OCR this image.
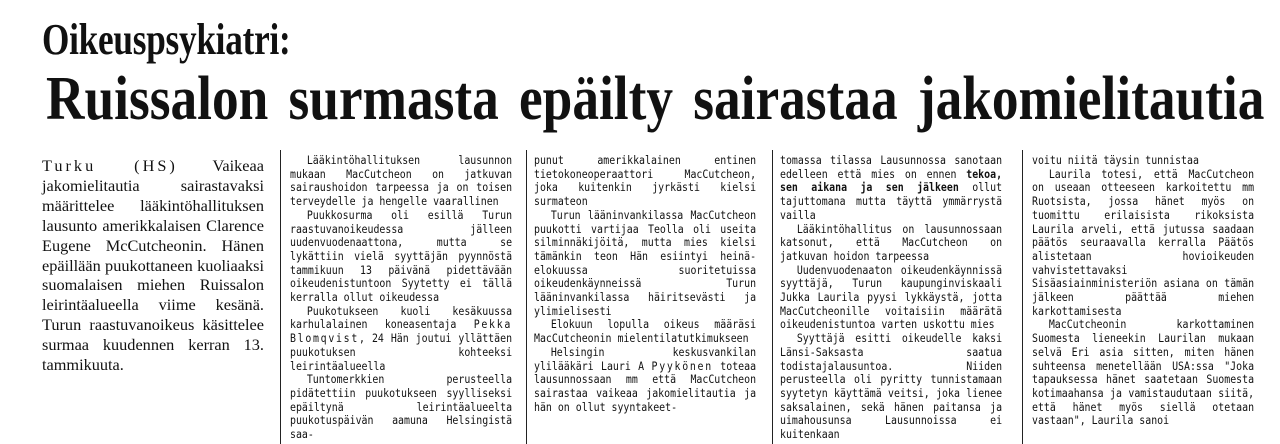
Oikeuspsykiatri:
Ruissalon surmasta epäilty sairastaa jakomielitautia

Turku (HS) Vaikeaa jakomielitautia sairastavaksi määrittelee lääkintöhallituksen lausunto amerikkalaisen Clarence Eugene McCutcheonin. Hänen epäillään puukottaneen kuoliaaksi suomalaisen miehen Ruissalon leirintäalueella viime kesänä. Turun raastuvanoikeus käsittelee surmaa kuudennen kerran 13. tammikuuta.

Lääkintöhallituksen lausunnon mukaan MacCutcheon on jatkuvan sairaushoidon tarpeessa ja on toisen terveydelle ja hengelle vaarallinen

Puukkosurma oli esillä Turun raastuvanoikeudessa jälleen uudenvuodenaattona, mutta se lykättiin vielä syyttäjän pyynnöstä tammikuun 13 päivänä pidettävään oikeudenistuntoon Syytetty ei tällä kerralla ollut oikeudessa

Puukotukseen kuoli kesäkuussa karhulalainen koneasentaja Pekka Blomqvist, 24 Hän joutui yllättäen puukotuksen kohteeksi leirintäalueella

Tuntomerkkien perusteella pidätettiin puukotukseen syylliseksi epäiltynä leirintäalueelta puukotuspäivän aamuna Helsingistä saa-

punut amerikkalainen entinen tietokoneoperaattori MacCutcheon, joka kuitenkin jyrkästi kielsi surmateon

Turun lääninvankilassa MacCutcheon puukotti vartijaa Teolla oli useita silminnäkijöitä, mutta mies kielsi tämänkin teon Hän esiintyi heinä-elokuussa suoritetuissa oikeudenkäynneissä Turun lääninvankilassa häiritsevästi ja ylimielisesti

Elokuun lopulla oikeus määräsi MacCutcheonin mielentilatutkimukseen

Helsingin keskusvankilan ylilääkäri Lauri A Pyykönen toteaa lausunnossaan mm että MacCutcheon sairastaa vaikeaa jakomielitautia ja hän on ollut syyntakeet-

tomassa tilassa Lausunnossa sanotaan edelleen että mies on ennen tekoa, sen aikana ja sen jälkeen ollut tajuttomana mutta täyttä ymmärrystä vailla

Lääkintöhallitus on lausunnossaan katsonut, että MacCutcheon on jatkuvan hoidon tarpeessa

Uudenvuodenaaton oikeudenkäynnissä syyttäjä, Turun kaupunginviskaali Jukka Laurila pyysi lykkäystä, jotta MacCutcheonille voitaisiin määrätä oikeudenistuntoa varten uskottu mies

Syyttäjä esitti oikeudelle kaksi Länsi-Saksasta saatua todistajalausuntoa. Niiden perusteella oli pyritty tunnistamaan syytetyn käyttämä veitsi, joka lienee saksalainen, sekä hänen paitansa ja uimahousunsa Lausunnoissa ei kuitenkaan

voitu niitä täysin tunnistaa

Laurila totesi, että MacCutcheon on useaan otteeseen karkoitettu mm Ruotsista, jossa hänet myös on tuomittu erilaisista rikoksista Laurila arveli, että jutussa saadaan päätös seuraavalla kerralla Päätös alistetaan hovioikeuden vahvistettavaksi Sisäasiainministeriön asiana on tämän jälkeen päättää miehen karkottamisesta

MacCutcheonin karkottaminen Suomesta lieneekin Laurilan mukaan selvä Eri asia sitten, miten hänen suhteensa menetellään USA:ssa "Joka tapauksessa hänet saatetaan Suomesta kotimaahansa ja vamistaudutaan siitä, että hänet myös siellä otetaan vastaan", Laurila sanoi
